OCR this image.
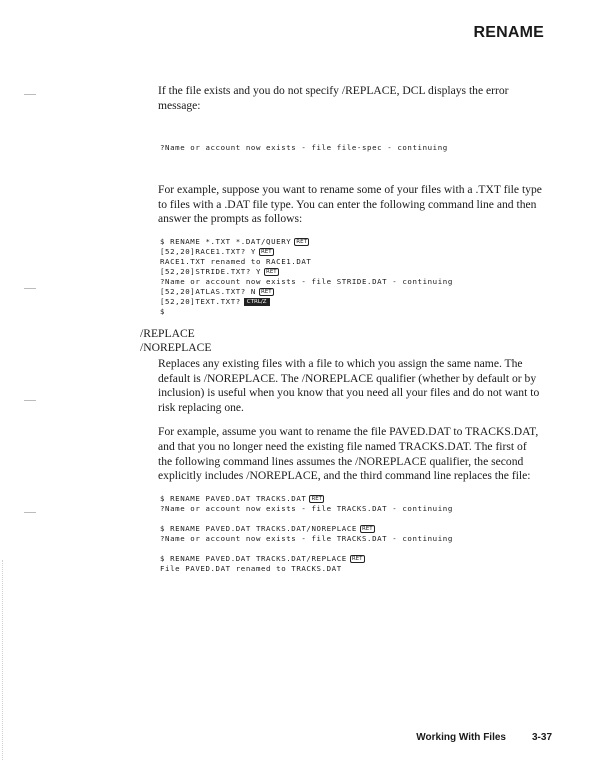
RENAME

If the file exists and you do not specify /REPLACE, DCL displays the error message:

?Name or account now exists - file file-spec - continuing

For example, suppose you want to rename some of your files with a .TXT file type to files with a .DAT file type. You can enter the following command line and then answer the prompts as follows:

$ RENAME *.TXT *.DAT/QUERY RET
[52,20]RACE1.TXT? Y RET
RACE1.TXT renamed to RACE1.DAT
[52,20]STRIDE.TXT? Y RET
?Name or account now exists - file STRIDE.DAT - continuing
[52,20]ATLAS.TXT? N RET
[52,20]TEXT.TXT? CTRL/Z
$
/REPLACE
/NOREPLACE

Replaces any existing files with a file to which you assign the same name. The default is /NOREPLACE. The /NOREPLACE qualifier (whether by default or by inclusion) is useful when you know that you need all your files and do not want to risk replacing one.

For example, assume you want to rename the file PAVED.DAT to TRACKS.DAT, and that you no longer need the existing file named TRACKS.DAT. The first of the following command lines assumes the /NOREPLACE qualifier, the second explicitly includes /NOREPLACE, and the third command line replaces the file:

$ RENAME PAVED.DAT TRACKS.DAT RET
?Name or account now exists - file TRACKS.DAT - continuing
$ RENAME PAVED.DAT TRACKS.DAT/NOREPLACE RET
?Name or account now exists - file TRACKS.DAT - continuing
$ RENAME PAVED.DAT TRACKS.DAT/REPLACE RET
File PAVED.DAT renamed to TRACKS.DAT
Working With Files	3-37
